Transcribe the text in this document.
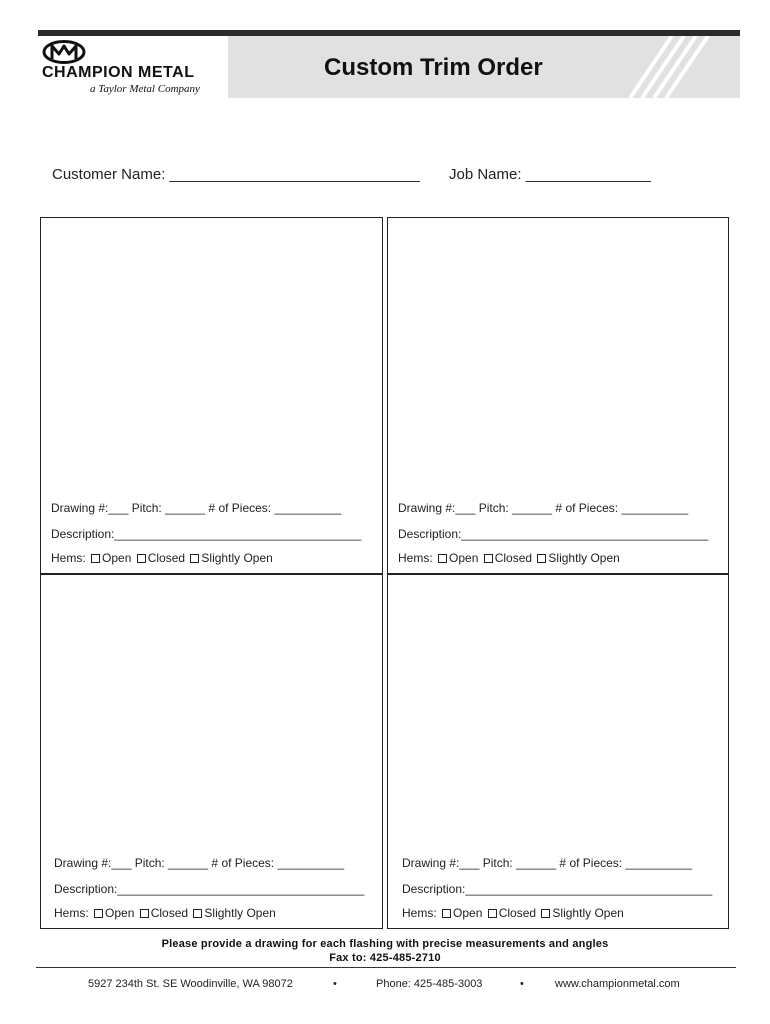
CHAMPION METAL
a Taylor Metal Company
Custom Trim Order
Customer Name: ______________________________ Job Name: _______________
Drawing #:___ Pitch: ______ # of Pieces: __________
Description:_____________________________________
Hems: Open Closed Slightly Open
Drawing #:___ Pitch: ______ # of Pieces: __________
Description:_____________________________________
Hems: Open Closed Slightly Open
Drawing #:___ Pitch: ______ # of Pieces: __________
Description:_____________________________________
Hems: Open Closed Slightly Open
Drawing #:___ Pitch: ______ # of Pieces: __________
Description:_____________________________________
Hems: Open Closed Slightly Open
Please provide a drawing for each flashing with precise measurements and angles
Fax to: 425-485-2710
5927 234th St. SE Woodinville, WA 98072	•	Phone: 425-485-3003	•	www.championmetal.com
